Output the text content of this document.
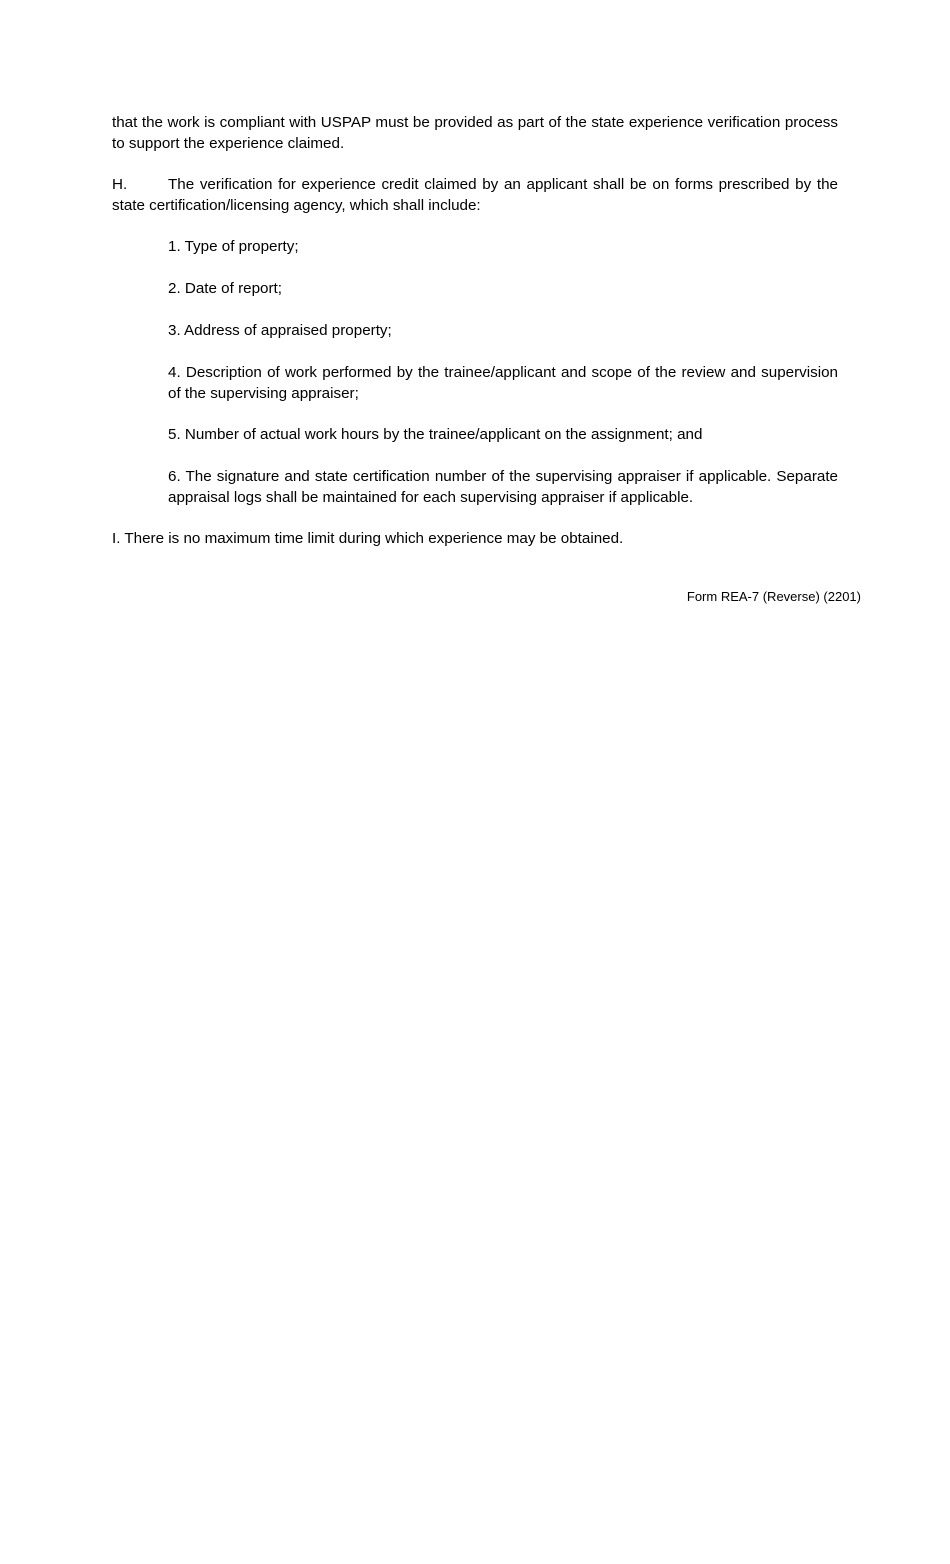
that the work is compliant with USPAP must be provided as part of the state experience verification process to support the experience claimed.

H.	The verification for experience credit claimed by an applicant shall be on forms prescribed by the state certification/licensing agency, which shall include:

1. Type of property;

2. Date of report;

3. Address of appraised property;

4. Description of work performed by the trainee/applicant and scope of the review and supervision of the supervising appraiser;

5. Number of actual work hours by the trainee/applicant on the assignment; and

6. The signature and state certification number of the supervising appraiser if applicable. Separate appraisal logs shall be maintained for each supervising appraiser if applicable.

I. There is no maximum time limit during which experience may be obtained.

Form REA-7 (Reverse) (2201)
